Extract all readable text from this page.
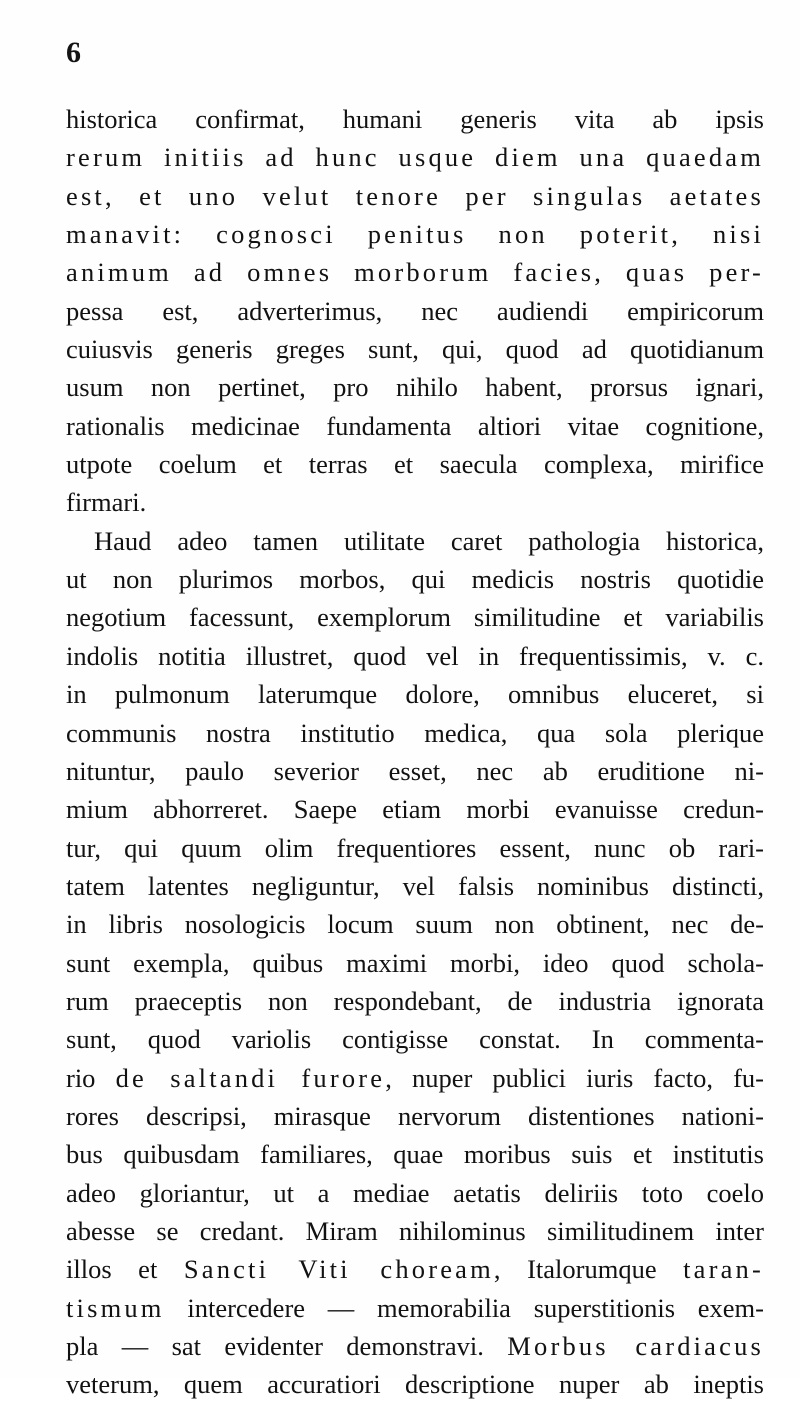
6
historica confirmat, humani generis vita ab ipsis
rerum initiis ad hunc usque diem una quaedam
est, et uno velut tenore per singulas aetates
manavit: cognosci penitus non poterit, nisi
animum ad omnes morborum facies, quas per-
pessa est, adverterimus, nec audiendi empiricorum
cuiusvis generis greges sunt, qui, quod ad quotidianum
usum non pertinet, pro nihilo habent, prorsus ignari,
rationalis medicinae fundamenta altiori vitae cognitione,
utpote coelum et terras et saecula complexa, mirifice
firmari.
Haud adeo tamen utilitate caret pathologia historica,
ut non plurimos morbos, qui medicis nostris quotidie
negotium facessunt, exemplorum similitudine et variabilis
indolis notitia illustret, quod vel in frequentissimis, v. c.
in pulmonum laterumque dolore, omnibus eluceret, si
communis nostra institutio medica, qua sola plerique
nituntur, paulo severior esset, nec ab eruditione ni-
mium abhorreret. Saepe etiam morbi evanuisse credun-
tur, qui quum olim frequentiores essent, nunc ob rari-
tatem latentes negliguntur, vel falsis nominibus distincti,
in libris nosologicis locum suum non obtinent, nec de-
sunt exempla, quibus maximi morbi, ideo quod schola-
rum praeceptis non respondebant, de industria ignorata
sunt, quod variolis contigisse constat. In commenta-
rio de saltandi furore, nuper publici iuris facto, fu-
rores descripsi, mirasque nervorum distentiones nationi-
bus quibusdam familiares, quae moribus suis et institutis
adeo gloriantur, ut a mediae aetatis deliriis toto coelo
abesse se credant. Miram nihilominus similitudinem inter
illos et Sancti Viti choream, Italorumque taran-
tismum intercedere — memorabilia superstitionis exem-
pla — sat evidenter demonstravi. Morbus cardiacus
veterum, quem accuratiori descriptione nuper ab ineptis
